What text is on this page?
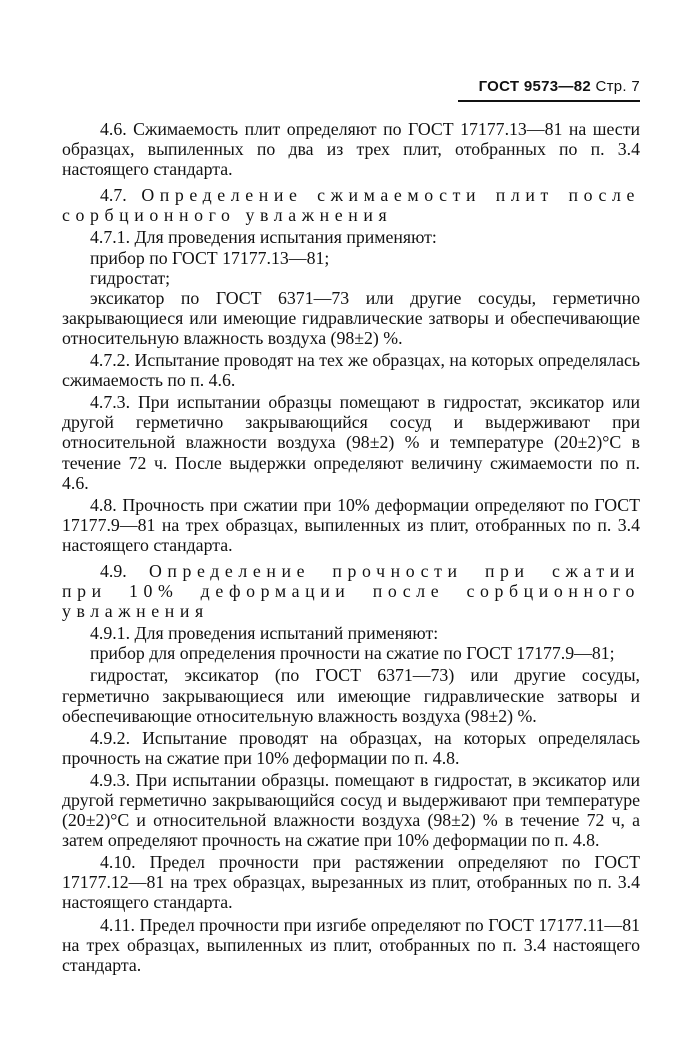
ГОСТ 9573—82 Стр. 7

4.6. Сжимаемость плит определяют по ГОСТ 17177.13—81 на шести образцах, выпиленных по два из трех плит, отобранных по п. 3.4 настоящего стандарта.

4.7. Определение сжимаемости плит после сорбционного увлажнения

4.7.1. Для проведения испытания применяют:

прибор по ГОСТ 17177.13—81;

гидростат;

эксикатор по ГОСТ 6371—73 или другие сосуды, герметично закрывающиеся или имеющие гидравлические затворы и обеспечивающие относительную влажность воздуха (98±2) %.

4.7.2. Испытание проводят на тех же образцах, на которых определялась сжимаемость по п. 4.6.

4.7.3. При испытании образцы помещают в гидростат, эксикатор или другой герметично закрывающийся сосуд и выдерживают при относительной влажности воздуха (98±2) % и температуре (20±2)°С в течение 72 ч. После выдержки определяют величину сжимаемости по п. 4.6.

4.8. Прочность при сжатии при 10% деформации определяют по ГОСТ 17177.9—81 на трех образцах, выпиленных из плит, отобранных по п. 3.4 настоящего стандарта.

4.9. Определение прочности при сжатии при 10% деформации после сорбционного увлажнения

4.9.1. Для проведения испытаний применяют:

прибор для определения прочности на сжатие по ГОСТ 17177.9—81;

гидростат, эксикатор (по ГОСТ 6371—73) или другие сосуды, герметично закрывающиеся или имеющие гидравлические затворы и обеспечивающие относительную влажность воздуха (98±2) %.

4.9.2. Испытание проводят на образцах, на которых определялась прочность на сжатие при 10% деформации по п. 4.8.

4.9.3. При испытании образцы. помещают в гидростат, в эксикатор или другой герметично закрывающийся сосуд и выдерживают при температуре (20±2)°С и относительной влажности воздуха (98±2) % в течение 72 ч, а затем определяют прочность на сжатие при 10% деформации по п. 4.8.

4.10. Предел прочности при растяжении определяют по ГОСТ 17177.12—81 на трех образцах, вырезанных из плит, отобранных по п. 3.4 настоящего стандарта.

4.11. Предел прочности при изгибе определяют по ГОСТ 17177.11—81 на трех образцах, выпиленных из плит, отобранных по п. 3.4 настоящего стандарта.
